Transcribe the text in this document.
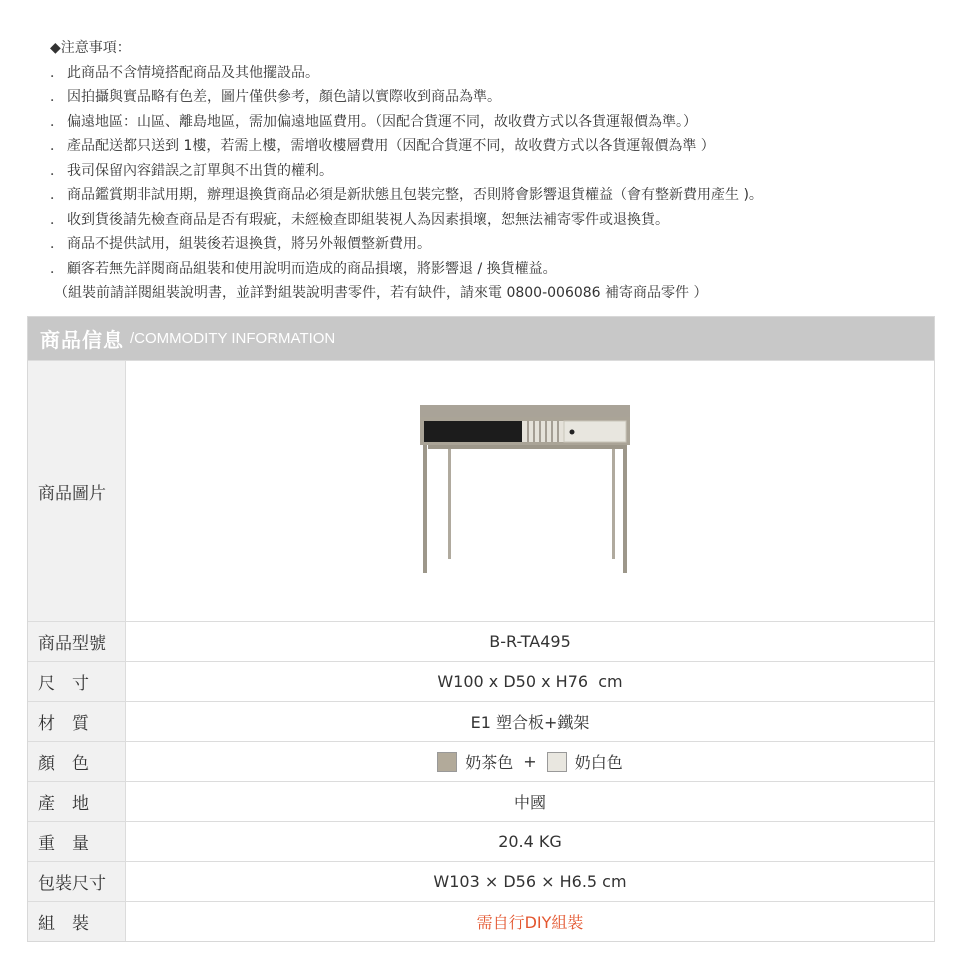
◆注意事項：
． 此商品不含情境搭配商品及其他擺設品。
． 因拍攝與實品略有色差，圖片僅供參考，顏色請以實際收到商品為準。
． 偏遠地區：山區、離島地區，需加偏遠地區費用。（因配合貨運不同，故收費方式以各貨運報價為準。）
． 產品配送都只送到 1樓，若需上樓，需增收樓層費用（因配合貨運不同，故收費方式以各貨運報價為準 ）
． 我司保留內容錯誤之訂單與不出貨的權利。
． 商品鑑賞期非試用期，辦理退換貨商品必須是新狀態且包裝完整，否則將會影響退貨權益（會有整新費用產生 )。
． 收到貨後請先檢查商品是否有瑕疵，未經檢查即組裝視人為因素損壞，恕無法補寄零件或退換貨。
． 商品不提供試用，組裝後若退換貨，將另外報價整新費用。
． 顧客若無先詳閱商品組裝和使用說明而造成的商品損壞，將影響退 / 換貨權益。
（組裝前請詳閱組裝說明書，並詳對組裝說明書零件，若有缺件，請來電 0800-006086 補寄商品零件 ）
商品信息 /COMMODITY INFORMATION
商品圖片
商品型號	B-R-TA495
尺　寸	W100 x D50 x H76  cm
材　質	E1 塑合板+鐵架
顏　色	奶茶色 + 奶白色
產　地	中國
重　量	20.4 KG
包裝尺寸	W103 × D56 × H6.5 cm
組　裝	需自行DIY組裝
